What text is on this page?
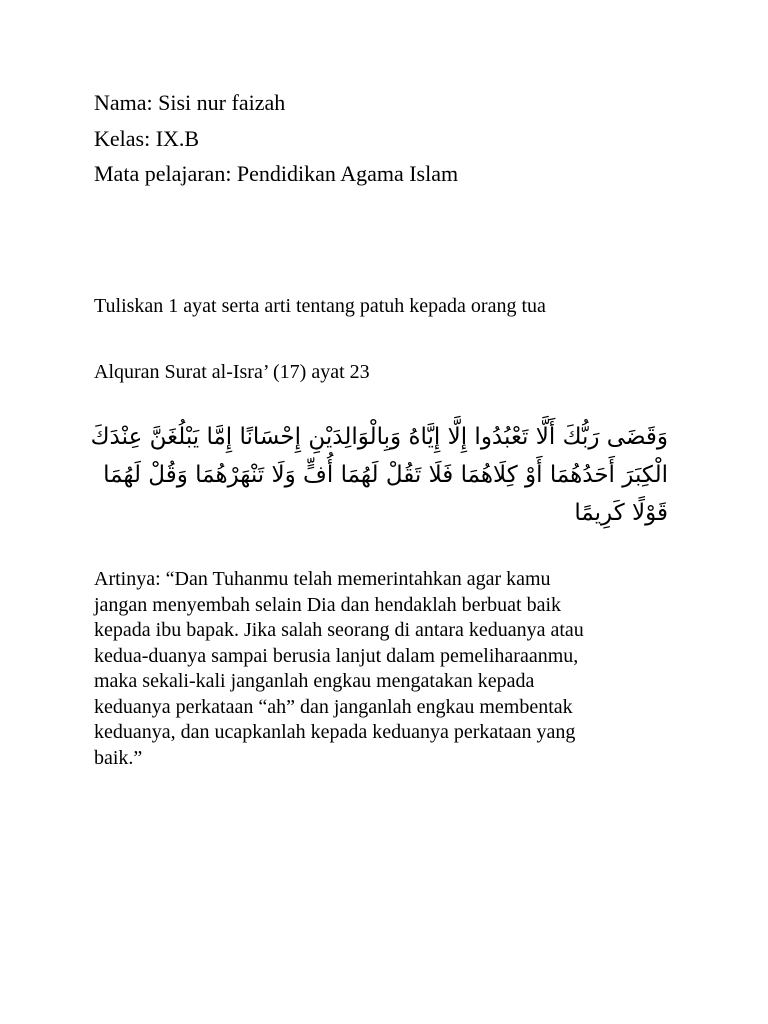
Nama: Sisi nur faizah
Kelas: IX.B
Mata pelajaran: Pendidikan Agama Islam
Tuliskan 1 ayat serta arti tentang patuh kepada orang tua
Alquran Surat al-Isra’ (17) ayat 23
وَقَضَى رَبُّكَ أَلَّا تَعْبُدُوا إِلَّا إِيَّاهُ وَبِالْوَالِدَيْنِ إِحْسَانًا إِمَّا يَبْلُغَنَّ عِنْدَكَ
الْكِبَرَ أَحَدُهُمَا أَوْ كِلَاهُمَا فَلَا تَقُلْ لَهُمَا أُفٍّ وَلَا تَنْهَرْهُمَا وَقُلْ لَهُمَا
قَوْلًا كَرِيمًا
Artinya: “Dan Tuhanmu telah memerintahkan agar kamu
jangan menyembah selain Dia dan hendaklah berbuat baik
kepada ibu bapak. Jika salah seorang di antara keduanya atau
kedua-duanya sampai berusia lanjut dalam pemeliharaanmu,
maka sekali-kali janganlah engkau mengatakan kepada
keduanya perkataan “ah” dan janganlah engkau membentak
keduanya, dan ucapkanlah kepada keduanya perkataan yang
baik.”
